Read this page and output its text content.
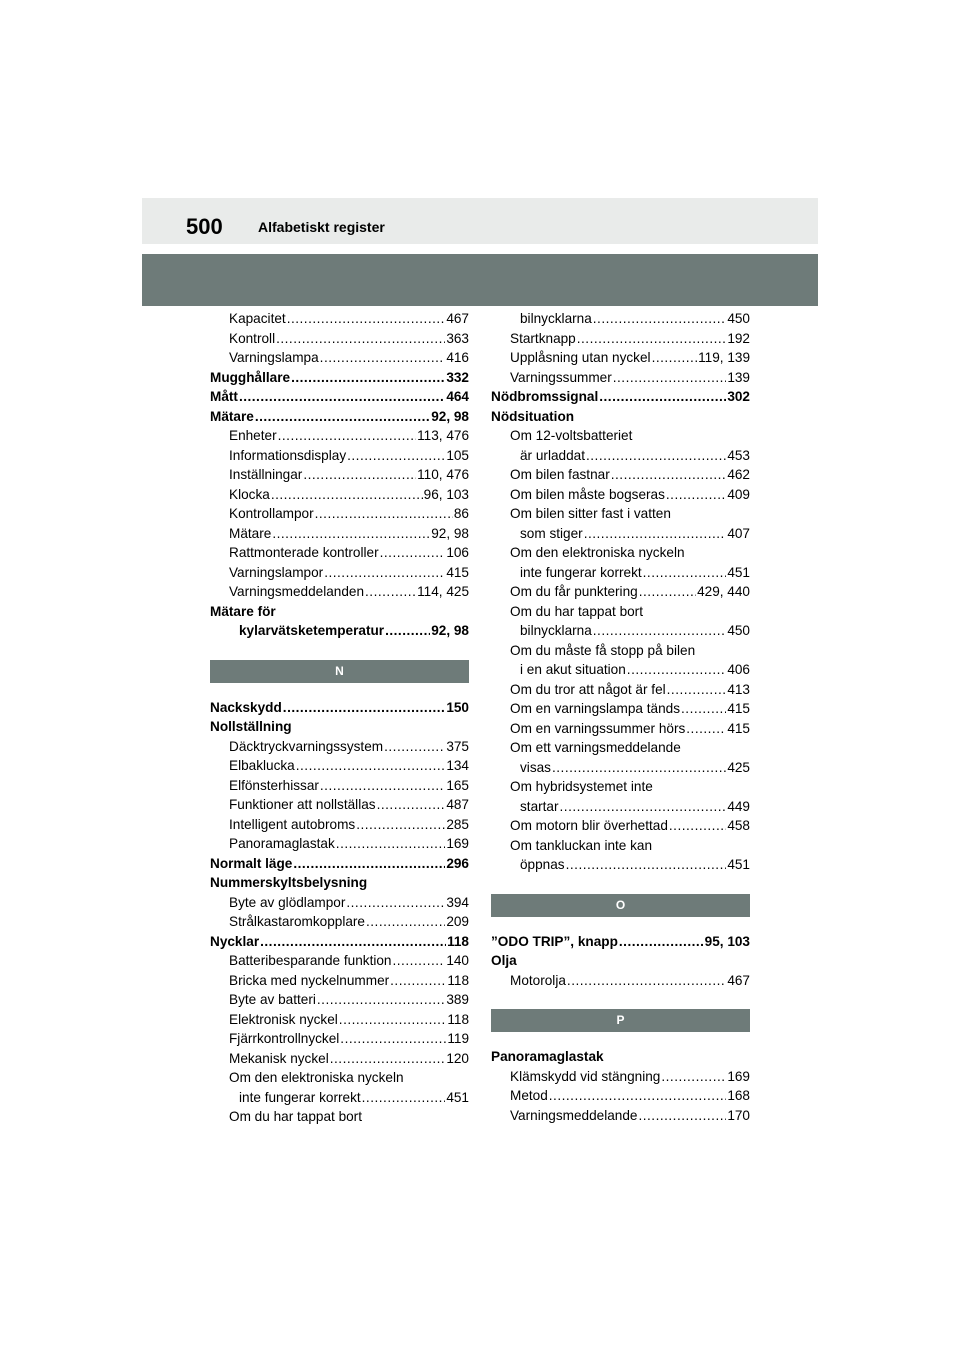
500	Alfabetiskt register
Kapacitet .....	467
Kontroll .....	363
Varningslampa .....	416
Mugghållare .....	332
Mått .....	464
Mätare .....	92, 98
Enheter .....	113, 476
Informationsdisplay .....	105
Inställningar .....	110, 476
Klocka .....	96, 103
Kontrollampor .....	86
Mätare .....	92, 98
Rattmonterade kontroller .....	106
Varningslampor .....	415
Varningsmeddelanden .....	114, 425
Mätare för
kylarvätsketemperatur .....	92, 98
N
Nackskydd .....	150
Nollställning
Däcktryckvarningssystem .....	375
Elbaklucka .....	134
Elfönsterhissar .....	165
Funktioner att nollställas .....	487
Intelligent autobroms .....	285
Panoramaglastak .....	169
Normalt läge .....	296
Nummerskyltsbelysning
Byte av glödlampor .....	394
Strålkastaromkopplare .....	209
Nycklar .....	118
Batteribesparande funktion .....	140
Bricka med nyckelnummer .....	118
Byte av batteri .....	389
Elektronisk nyckel .....	118
Fjärrkontrollnyckel .....	119
Mekanisk nyckel .....	120
Om den elektroniska nyckeln
inte fungerar korrekt .....	451
Om du har tappat bort
bilnycklarna .....	450
Startknapp .....	192
Upplåsning utan nyckel .....	119, 139
Varningssummer .....	139
Nödbromssignal .....	302
Nödsituation
Om 12-voltsbatteriet
är urladdat .....	453
Om bilen fastnar .....	462
Om bilen måste bogseras .....	409
Om bilen sitter fast i vatten
som stiger .....	407
Om den elektroniska nyckeln
inte fungerar korrekt .....	451
Om du får punktering .....	429, 440
Om du har tappat bort
bilnycklarna .....	450
Om du måste få stopp på bilen
i en akut situation .....	406
Om du tror att något är fel .....	413
Om en varningslampa tänds .....	415
Om en varningssummer hörs .....	415
Om ett varningsmeddelande
visas .....	425
Om hybridsystemet inte
startar .....	449
Om motorn blir överhettad .....	458
Om tankluckan inte kan
öppnas .....	451
O
”ODO TRIP”, knapp .....	95, 103
Olja
Motorolja .....	467
P
Panoramaglastak
Klämskydd vid stängning .....	169
Metod .....	168
Varningsmeddelande .....	170
